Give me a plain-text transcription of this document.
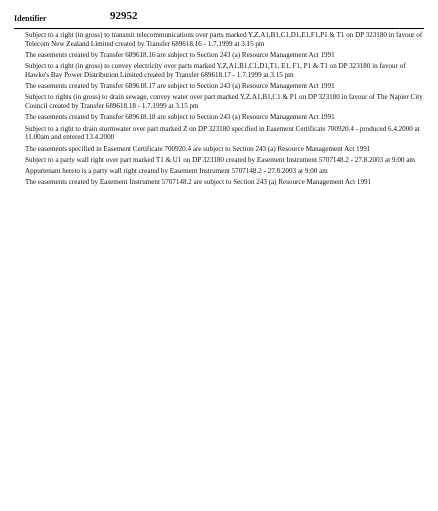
Identifier	92952
Subject to a right (in gross) to transmit telecommunications over parts marked Y,Z,A1,B1,C1,D1,E1,F1,P1 & T1 on DP 323180 in favour of Telecom New Zealand Limited created by Transfer 689618.16 - 1.7.1999 at 3.15 pm
The easements created by Transfer 689618.16 are subject to Section 243 (a) Resource Management Act 1991
Subject to a right (in gross) to convey electricity over parts marked Y,Z,A1,B1,C1,D1,T1, E1, F1, P1 & T1 on DP 323180 in favour of Hawke's Bay Power Distribution Limited created by Transfer 689618.17 - 1.7.1999 at 3.15 pm
The easements created by Transfer 689618.17 are subject to Section 243 (a) Resource Management Act 1991
Subject to rights (in gross) to drain sewage, convey water over part marked Y,Z,A1,B1,C1 & P1 on DP 323180 in favour of The Napier City Council created by Transfer 689618.18 - 1.7.1999 at 3.15 pm
The easements created by Transfer 689618.18 are subject to Section 243 (a) Resource Management Act 1991
Subject to a right to drain stormwater over part marked Z on DP 323180 specified in Easement Certificate 700920.4 - produced 6.4.2000 at 11.00am and entered 13.4.2000
The easements specified in Easement Certificate 700920.4 are subject to Section 243 (a) Resource Management Act 1991
Subject to a party wall right over part marked T1 & U1 on DP 323180 created by Easement Instrument 5707148.2 - 27.8.2003 at 9:00 am
Appurtenant hereto is a party wall right created by Easement Instrument 5707148.2 - 27.8.2003 at 9:00 am
The easements created by Easement Instrument 5707148.2 are subject to Section 243 (a) Resource Management Act 1991
